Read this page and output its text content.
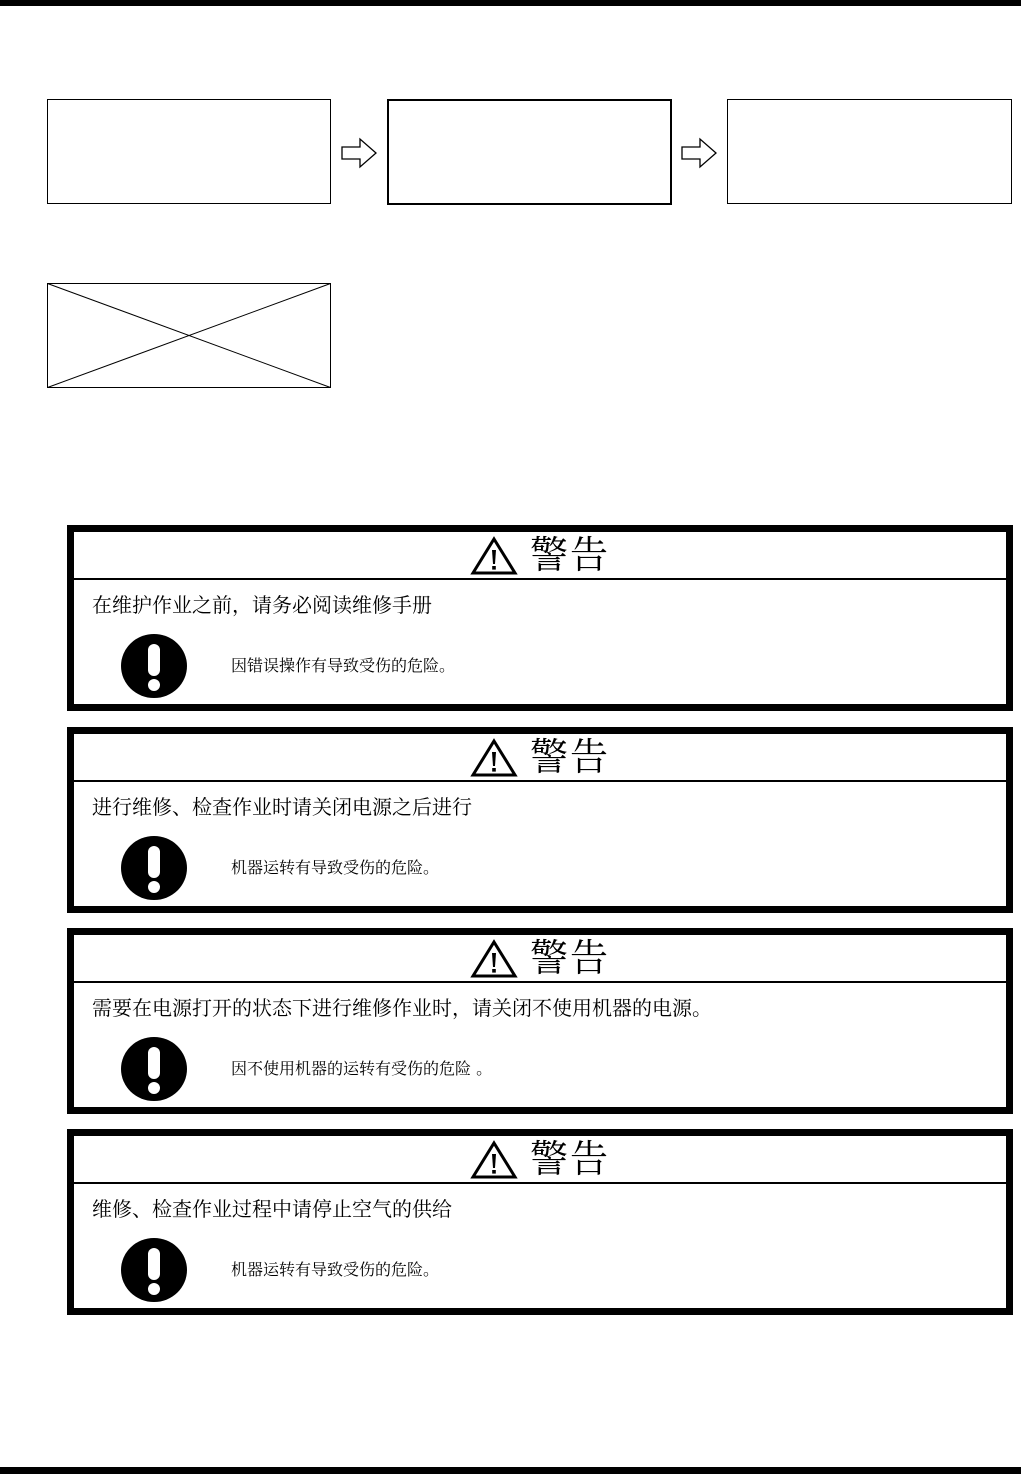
警告
在维护作业之前，请务必阅读维修手册
因错误操作有导致受伤的危险。
警告
进行维修、检查作业时请关闭电源之后进行
机器运转有导致受伤的危险。
警告
需要在电源打开的状态下进行维修作业时，请关闭不使用机器的电源。
因不使用机器的运转有受伤的危险 。
警告
维修、检查作业过程中请停止空气的供给
机器运转有导致受伤的危险。
